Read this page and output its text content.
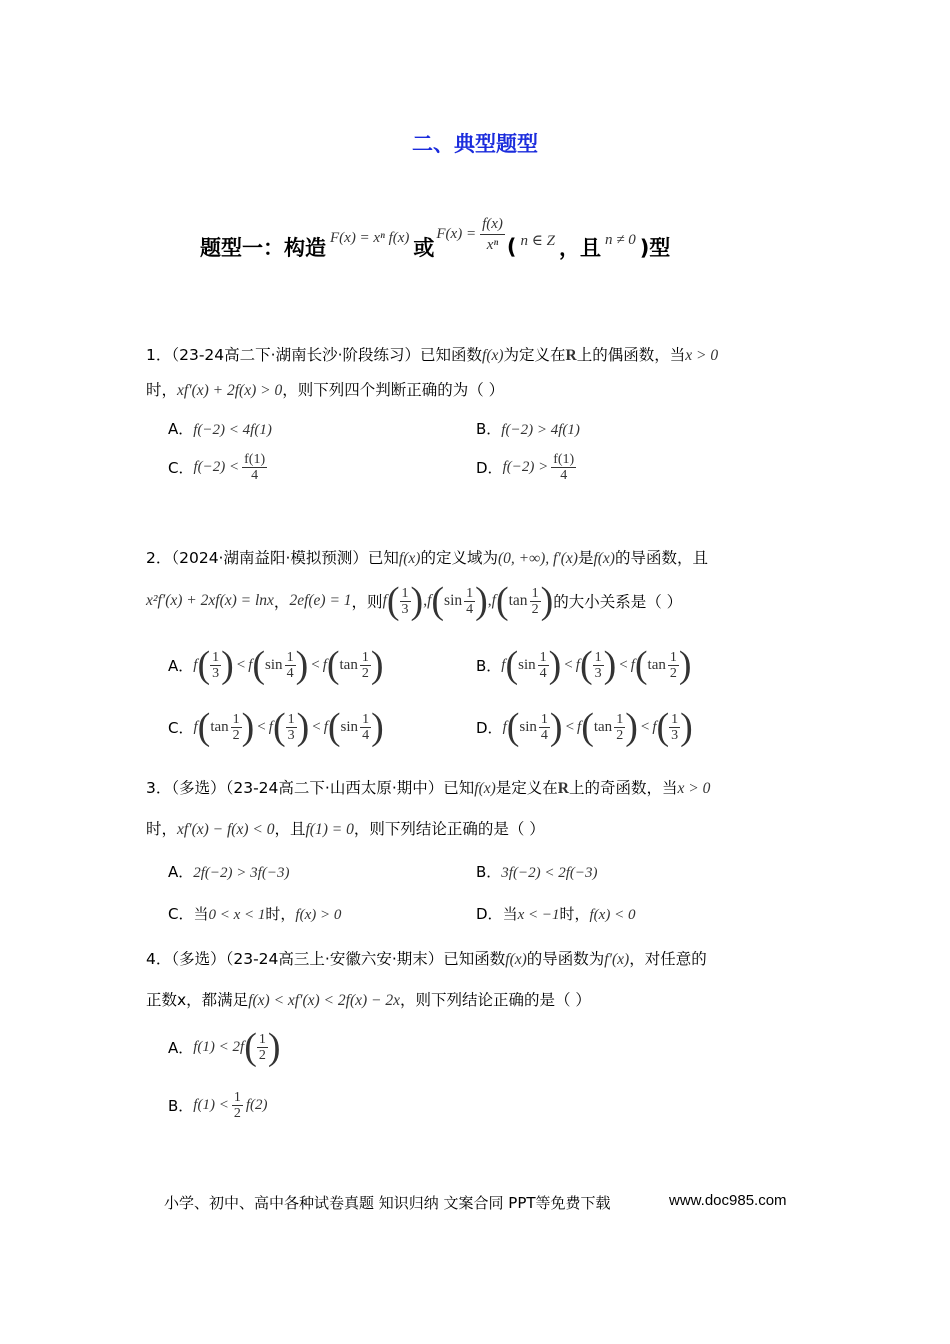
二、典型题型
题型一：构造 F(x) = xⁿ f(x) 或
$F(x) = \frac{f(x)}{\text{xⁿ}}$ ( n ∈ Z ，且 n ≠ 0 )型
1．（23-24高二下·湖南长沙·阶段练习）已知函数f(x)为定义在R上的偶函数，当x > 0
时，xf′(x) + 2f(x) > 0，则下列四个判断正确的为（ ）
A．f(−2) < 4f(1)	B．f(−2) > 4f(1)
C． $f(-2) < \frac{f(1)}{4}$	D． $f(-2) > \frac{f(1)}{4}$
2．（2024·湖南益阳·模拟预测）已知f(x)的定义域为(0, +∞), f′(x)是f(x)的导函数，且
x²f′(x) + 2xf(x) = lnx ， 2ef(e) = 1 ，则 f ( $\frac{1}{3}$ ) , f ( $\sin \frac{1}{4}$ ) , f ( $\tan \frac{1}{2}$ ) 的大小关系是（ ）
A． f ( $\frac{1}{3}$ ) < f ( $\sin \frac{1}{4}$ ) < f ( $\tan \frac{1}{2}$ )	B． f ( $\sin \frac{1}{4}$ ) < f ( $\frac{1}{3}$ ) < f ( $\tan \frac{1}{2}$ )
C． f ( $\tan \frac{1}{2}$ ) < f ( $\frac{1}{3}$ ) < f ( $\sin \frac{1}{4}$ )	D． f ( $\sin \frac{1}{4}$ ) < f ( $\tan \frac{1}{2}$ ) < f ( $\frac{1}{3}$ )
3．（多选）（23-24高二下·山西太原·期中）已知f(x)是定义在R上的奇函数，当x > 0
时，xf′(x) − f(x) < 0，且f(1) = 0，则下列结论正确的是（ ）
A．2f(−2) > 3f(−3)	B．3f(−2) < 2f(−3)
C．当0 < x < 1时，f(x) > 0	D．当x < −1时，f(x) < 0
4．（多选）（23-24高三上·安徽六安·期末）已知函数f(x)的导函数为f′(x)，对任意的
正数x，都满足f(x) < xf′(x) < 2f(x) − 2x，则下列结论正确的是（ ）
A． f(1) < 2f ( $\frac{1}{2}$ )
B． $f(1) < \frac{1}{2} f(2)$
小学、初中、高中各种试卷真题 知识归纳 文案合同 PPT等免费下载	www.doc985.com
